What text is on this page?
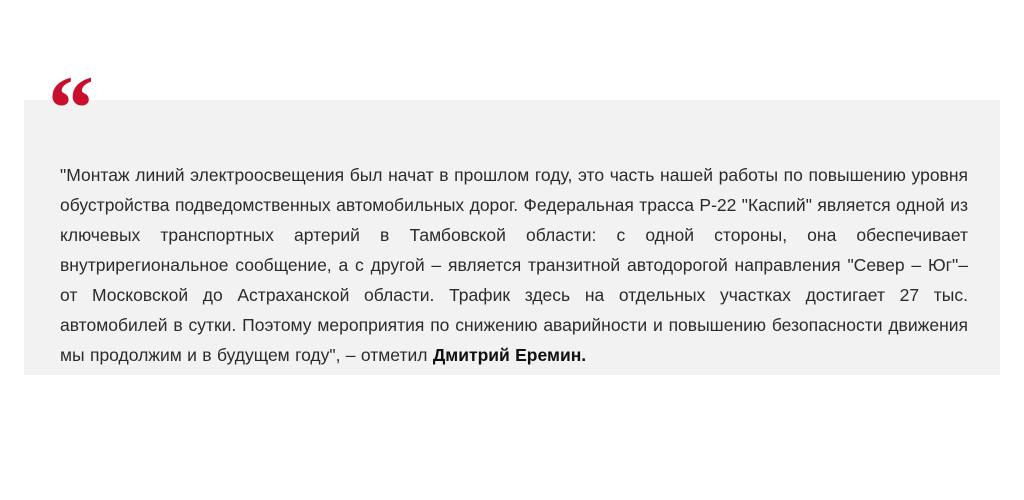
“

"Монтаж линий электроосвещения был начат в прошлом году, это часть нашей работы по повышению уровня обустройства подведомственных автомобильных дорог. Федеральная трасса Р-22 "Каспий" является одной из ключевых транспортных артерий в Тамбовской области: с одной стороны, она обеспечивает внутрирегиональное сообщение, а с другой – является транзитной автодорогой направления "Север – Юг"– от Московской до Астраханской области. Трафик здесь на отдельных участках достигает 27 тыс. автомобилей в сутки. Поэтому мероприятия по снижению аварийности и повышению безопасности движения мы продолжим и в будущем году", – отметил Дмитрий Еремин.
